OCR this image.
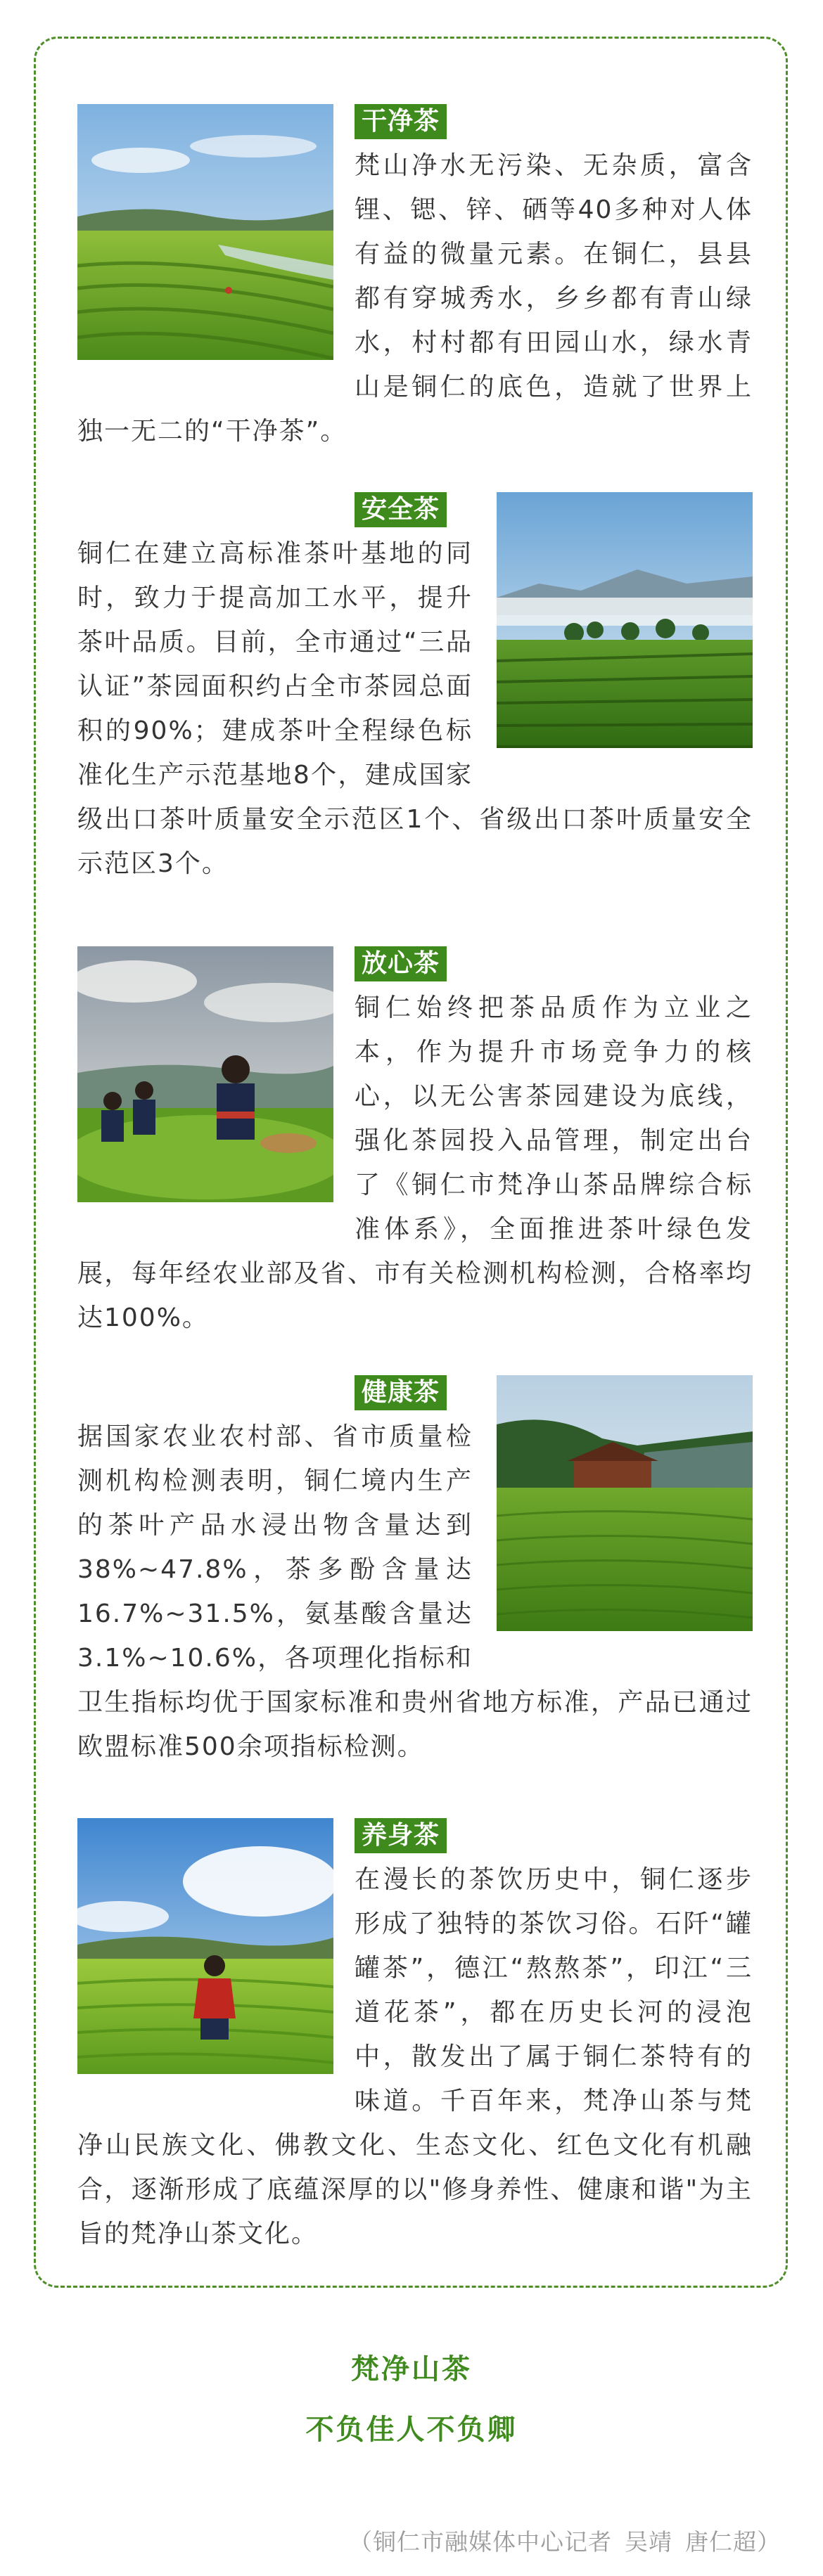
干净茶

梵山净水无污染、无杂质，富含锂、锶、锌、硒等40多种对人体有益的微量元素。在铜仁，县县都有穿城秀水，乡乡都有青山绿水，村村都有田园山水，绿水青山是铜仁的底色，造就了世界上独一无二的“干净茶”。

安全茶

铜仁在建立高标准茶叶基地的同时，致力于提高加工水平，提升茶叶品质。目前，全市通过“三品认证”茶园面积约占全市茶园总面积的90%；建成茶叶全程绿色标准化生产示范基地8个，建成国家级出口茶叶质量安全示范区1个、省级出口茶叶质量安全示范区3个。

放心茶

铜仁始终把茶品质作为立业之本，作为提升市场竞争力的核心，以无公害茶园建设为底线，强化茶园投入品管理，制定出台了《铜仁市梵净山茶品牌综合标准体系》，全面推进茶叶绿色发展，每年经农业部及省、市有关检测机构检测，合格率均达100%。

健康茶

据国家农业农村部、省市质量检测机构检测表明，铜仁境内生产的茶叶产品水浸出物含量达到38%~47.8%，茶多酚含量达16.7%~31.5%，氨基酸含量达3.1%~10.6%，各项理化指标和卫生指标均优于国家标准和贵州省地方标准，产品已通过欧盟标准500余项指标检测。

养身茶

在漫长的茶饮历史中，铜仁逐步形成了独特的茶饮习俗。石阡“罐罐茶”，德江“熬熬茶”，印江“三道花茶”，都在历史长河的浸泡中，散发出了属于铜仁茶特有的味道。千百年来，梵净山茶与梵净山民族文化、佛教文化、生态文化、红色文化有机融合，逐渐形成了底蕴深厚的以"修身养性、健康和谐"为主旨的梵净山茶文化。

梵净山茶
不负佳人不负卿
（铜仁市融媒体中心记者 吴靖 唐仁超）
